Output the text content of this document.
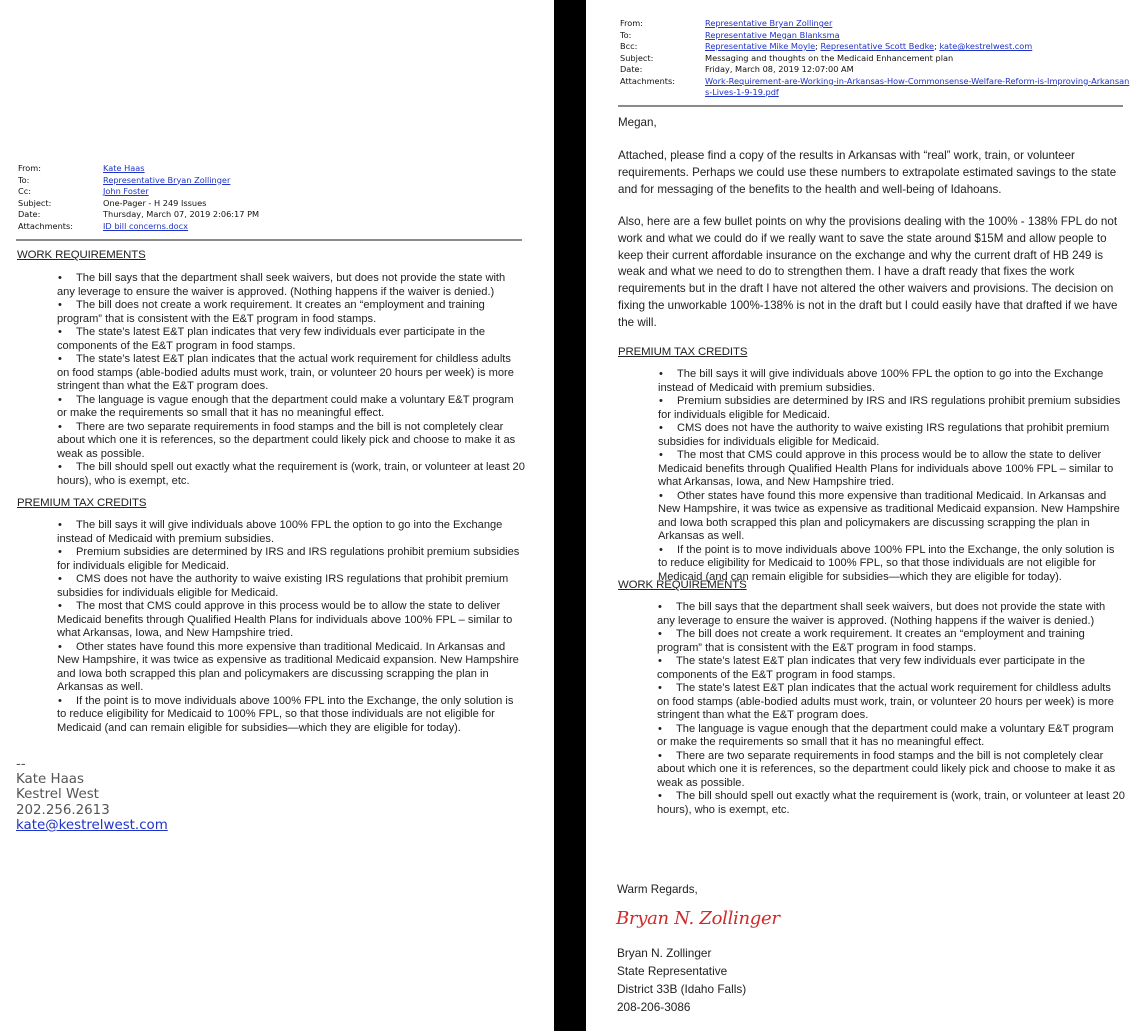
From:	Kate Haas
To:	Representative Bryan Zollinger
Cc:	John Foster
Subject:	One-Pager - H 249 Issues
Date:	Thursday, March 07, 2019 2:06:17 PM
Attachments:	ID bill concerns.docx
WORK REQUIREMENTS
• The bill says that the department shall seek waivers, but does not provide the state with any leverage to ensure the waiver is approved. (Nothing happens if the waiver is denied.)
• The bill does not create a work requirement. It creates an “employment and training program” that is consistent with the E&T program in food stamps.
• The state’s latest E&T plan indicates that very few individuals ever participate in the components of the E&T program in food stamps.
• The state’s latest E&T plan indicates that the actual work requirement for childless adults on food stamps (able-bodied adults must work, train, or volunteer 20 hours per week) is more stringent than what the E&T program does.
• The language is vague enough that the department could make a voluntary E&T program or make the requirements so small that it has no meaningful effect.
• There are two separate requirements in food stamps and the bill is not completely clear about which one it is references, so the department could likely pick and choose to make it as weak as possible.
• The bill should spell out exactly what the requirement is (work, train, or volunteer at least 20 hours), who is exempt, etc.
PREMIUM TAX CREDITS
• The bill says it will give individuals above 100% FPL the option to go into the Exchange instead of Medicaid with premium subsidies.
• Premium subsidies are determined by IRS and IRS regulations prohibit premium subsidies for individuals eligible for Medicaid.
• CMS does not have the authority to waive existing IRS regulations that prohibit premium subsidies for individuals eligible for Medicaid.
• The most that CMS could approve in this process would be to allow the state to deliver Medicaid benefits through Qualified Health Plans for individuals above 100% FPL – similar to what Arkansas, Iowa, and New Hampshire tried.
• Other states have found this more expensive than traditional Medicaid. In Arkansas and New Hampshire, it was twice as expensive as traditional Medicaid expansion. New Hampshire and Iowa both scrapped this plan and policymakers are discussing scrapping the plan in Arkansas as well.
• If the point is to move individuals above 100% FPL into the Exchange, the only solution is to reduce eligibility for Medicaid to 100% FPL, so that those individuals are not eligible for Medicaid (and can remain eligible for subsidies—which they are eligible for today).
--
Kate Haas
Kestrel West
202.256.2613
kate@kestrelwest.com
From:	Representative Bryan Zollinger
To:	Representative Megan Blanksma
Bcc:	Representative Mike Moyle; Representative Scott Bedke; kate@kestrelwest.com
Subject:	Messaging and thoughts on the Medicaid Enhancement plan
Date:	Friday, March 08, 2019 12:07:00 AM
Attachments:	Work-Requirement-are-Working-in-Arkansas-How-Commonsense-Welfare-Reform-is-Improving-Arkansans-Lives-1-9-19.pdf

Megan,

Attached, please find a copy of the results in Arkansas with “real” work, train, or volunteer requirements. Perhaps we could use these numbers to extrapolate estimated savings to the state and for messaging of the benefits to the health and well-being of Idahoans.

Also, here are a few bullet points on why the provisions dealing with the 100% - 138% FPL do not work and what we could do if we really want to save the state around $15M and allow people to keep their current affordable insurance on the exchange and why the current draft of HB 249 is weak and what we need to do to strengthen them. I have a draft ready that fixes the work requirements but in the draft I have not altered the other waivers and provisions. The decision on fixing the unworkable 100%-138% is not in the draft but I could easily have that drafted if we have the will.

PREMIUM TAX CREDITS
• The bill says it will give individuals above 100% FPL the option to go into the Exchange instead of Medicaid with premium subsidies.
• Premium subsidies are determined by IRS and IRS regulations prohibit premium subsidies for individuals eligible for Medicaid.
• CMS does not have the authority to waive existing IRS regulations that prohibit premium subsidies for individuals eligible for Medicaid.
• The most that CMS could approve in this process would be to allow the state to deliver Medicaid benefits through Qualified Health Plans for individuals above 100% FPL – similar to what Arkansas, Iowa, and New Hampshire tried.
• Other states have found this more expensive than traditional Medicaid. In Arkansas and New Hampshire, it was twice as expensive as traditional Medicaid expansion. New Hampshire and Iowa both scrapped this plan and policymakers are discussing scrapping the plan in Arkansas as well.
• If the point is to move individuals above 100% FPL into the Exchange, the only solution is to reduce eligibility for Medicaid to 100% FPL, so that those individuals are not eligible for Medicaid (and can remain eligible for subsidies—which they are eligible for today).
WORK REQUIREMENTS
• The bill says that the department shall seek waivers, but does not provide the state with any leverage to ensure the waiver is approved. (Nothing happens if the waiver is denied.)
• The bill does not create a work requirement. It creates an “employment and training program” that is consistent with the E&T program in food stamps.
• The state’s latest E&T plan indicates that very few individuals ever participate in the components of the E&T program in food stamps.
• The state’s latest E&T plan indicates that the actual work requirement for childless adults on food stamps (able-bodied adults must work, train, or volunteer 20 hours per week) is more stringent than what the E&T program does.
• The language is vague enough that the department could make a voluntary E&T program or make the requirements so small that it has no meaningful effect.
• There are two separate requirements in food stamps and the bill is not completely clear about which one it is references, so the department could likely pick and choose to make it as weak as possible.
• The bill should spell out exactly what the requirement is (work, train, or volunteer at least 20 hours), who is exempt, etc.
Warm Regards,
Bryan N. Zollinger
Bryan N. Zollinger
State Representative
District 33B (Idaho Falls)
208-206-3086
